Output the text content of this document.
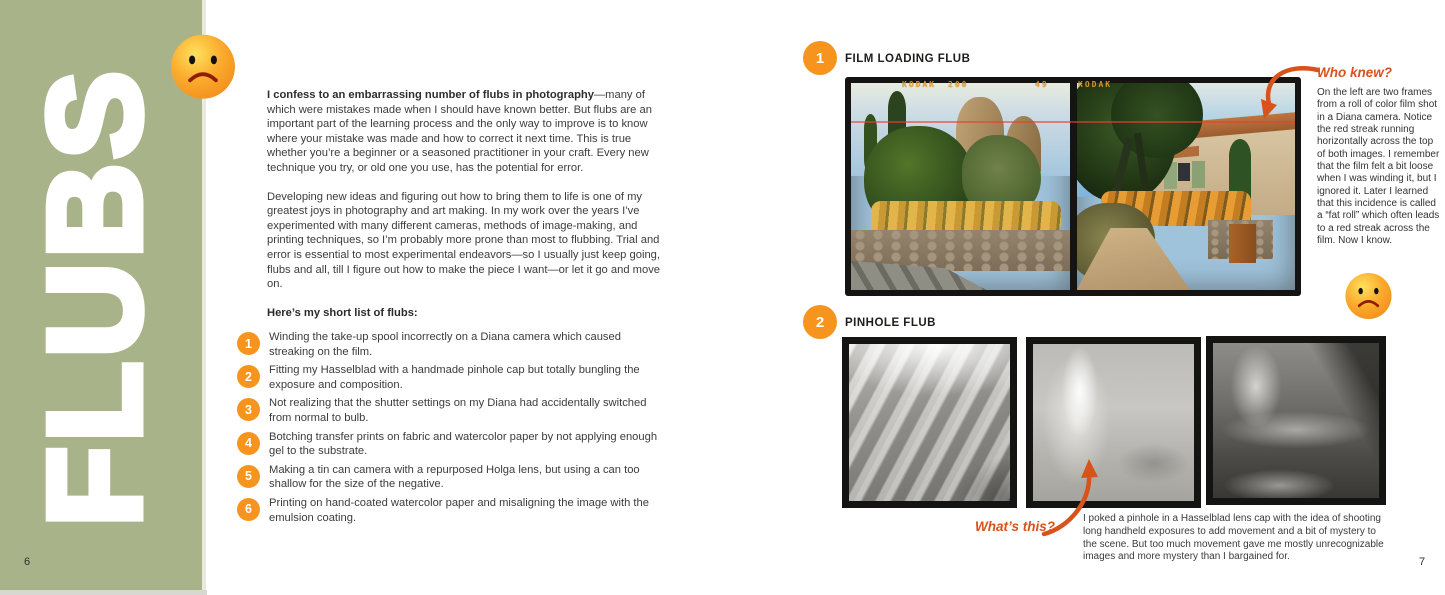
FLUBS	I confess to an embarrassing number of flubs in photography—many of which were mistakes made when I should have known better. But flubs are an important part of the learning process and the only way to improve is to know where your mistake was made and how to correct it next time. This is true whether you’re a beginner or a seasoned practitioner in your craft. Every new technique you try, or old one you use, has the potential for error.

Developing new ideas and figuring out how to bring them to life is one of my greatest joys in photography and art making. In my work over the years I’ve experimented with many different cameras, methods of image-making, and printing techniques, so I’m probably more prone than most to flubbing. Trial and error is essential to most experimental endeavors—so I usually just keep going, flubs and all, till I figure out how to make the piece I want—or let it go and move on.

Here’s my short list of flubs:

1	Winding the take-up spool incorrectly on a Diana camera which caused streaking on the film.
2	Fitting my Hasselblad with a handmade pinhole cap but totally bungling the exposure and composition.
3	Not realizing that the shutter settings on my Diana had accidentally switched from normal to bulb.
4	Botching transfer prints on fabric and watercolor paper by not applying enough gel to the substrate.
5	Making a tin can camera with a repurposed Holga lens, but using a can too shallow for the size of the negative.
6	Printing on hand-coated watercolor paper and misaligning the image with the emulsion coating.
6
1	FILM LOADING FLUB
KODAK 200	49	KODAK
Who knew?
On the left are two frames from a roll of color film shot in a Diana camera. Notice the red streak running horizontally across the top of both images. I remember that the film felt a bit loose when I was winding it, but I ignored it. Later I learned that this incidence is called a “fat roll” which often leads to a red streak across the film. Now I know.
2	PINHOLE FLUB
What’s this?
I poked a pinhole in a Hasselblad lens cap with the idea of shooting long handheld exposures to add movement and a bit of mystery to the scene. But too much movement gave me mostly unrecognizable images and more mystery than I bargained for.	7
